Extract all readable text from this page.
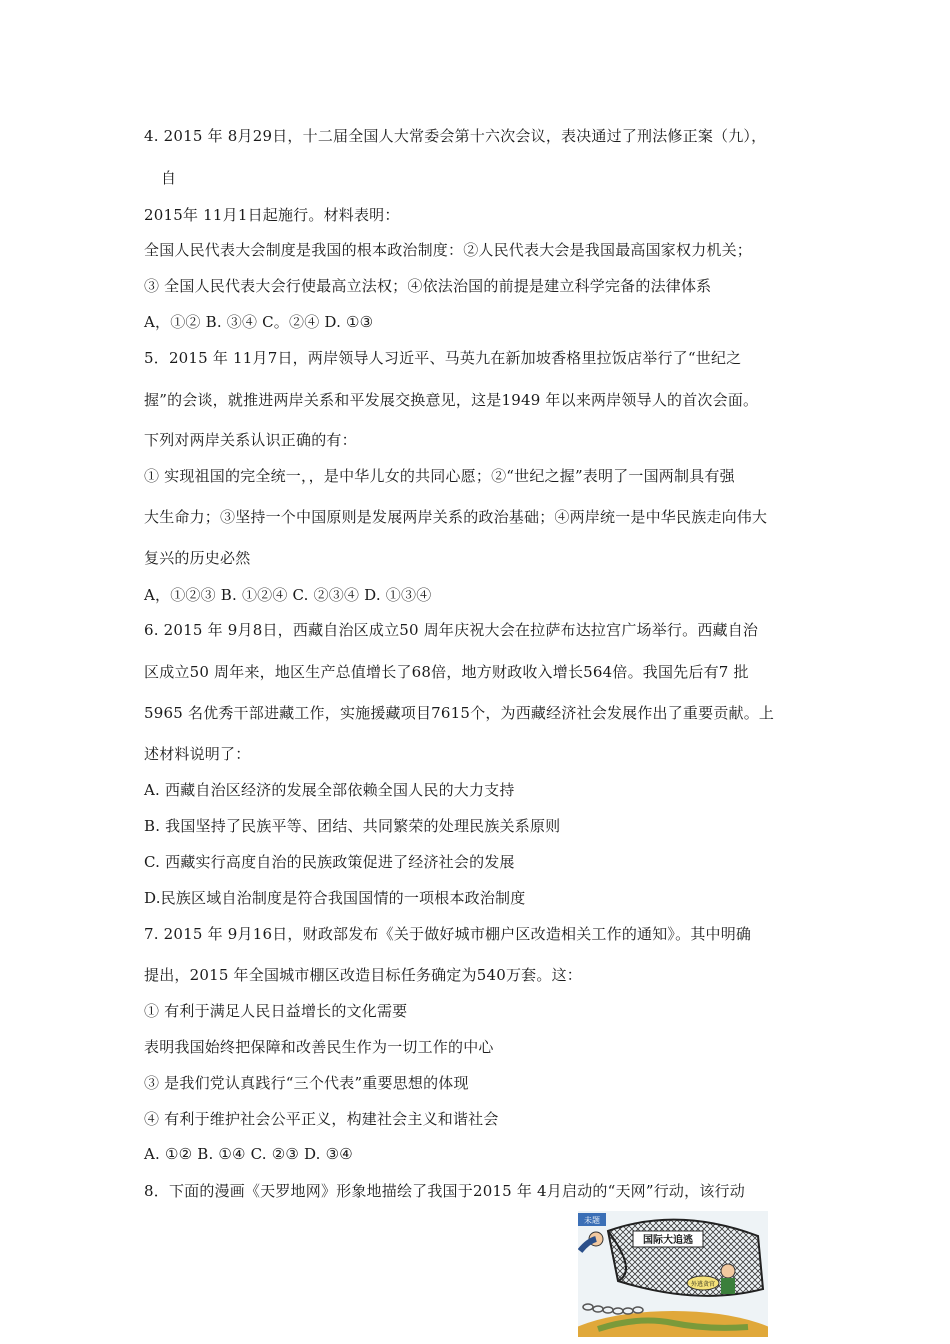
4. 2015 年 8月29日，十二届全国人大常委会第十六次会议，表决通过了刑法修正案（九），
自
2015年 11月1日起施行。材料表明：
全国人民代表大会制度是我国的根本政治制度：②人民代表大会是我国最高国家权力机关；
③ 全国人民代表大会行使最高立法权；④依法治国的前提是建立科学完备的法律体系
A，①② B. ③④ C。②④ D. ①③
5．2015 年 11月7日，两岸领导人习近平、马英九在新加坡香格里拉饭店举行了“世纪之
握”的会谈，就推进两岸关系和平发展交换意见，这是1949 年以来两岸领导人的首次会面。
下列对两岸关系认识正确的有：
① 实现祖国的完全统一，，是中华儿女的共同心愿；②“世纪之握”表明了一国两制具有强
大生命力；③坚持一个中国原则是发展两岸关系的政治基础；④两岸统一是中华民族走向伟大
复兴的历史必然
A，①②③ B. ①②④ C. ②③④ D. ①③④
6. 2015 年 9月8日，西藏自治区成立50 周年庆祝大会在拉萨布达拉宫广场举行。西藏自治
区成立50 周年来，地区生产总值增长了68倍，地方财政收入增长564倍。我国先后有7 批
5965 名优秀干部进藏工作，实施援藏项目7615个，为西藏经济社会发展作出了重要贡献。上
述材料说明了：
A. 西藏自治区经济的发展全部依赖全国人民的大力支持
B. 我国坚持了民族平等、团结、共同繁荣的处理民族关系原则
C. 西藏实行高度自治的民族政策促进了经济社会的发展
D.民族区域自治制度是符合我国国情的一项根本政治制度
7. 2015 年 9月16日，财政部发布《关于做好城市棚户区改造相关工作的通知》。其中明确
提出，2015 年全国城市棚区改造目标任务确定为540万套。这：
① 有利于满足人民日益增长的文化需要
表明我国始终把保障和改善民生作为一切工作的中心
③ 是我们党认真践行“三个代表”重要思想的体现
④ 有利于维护社会公平正义，构建社会主义和谐社会
A. ①② B. ①④ C. ②③ D. ③④
8．下面的漫画《天罗地网》形象地描绘了我国于2015 年 4月启动的“天网”行动，该行动
国际大追逃
未题
外逃贪官
